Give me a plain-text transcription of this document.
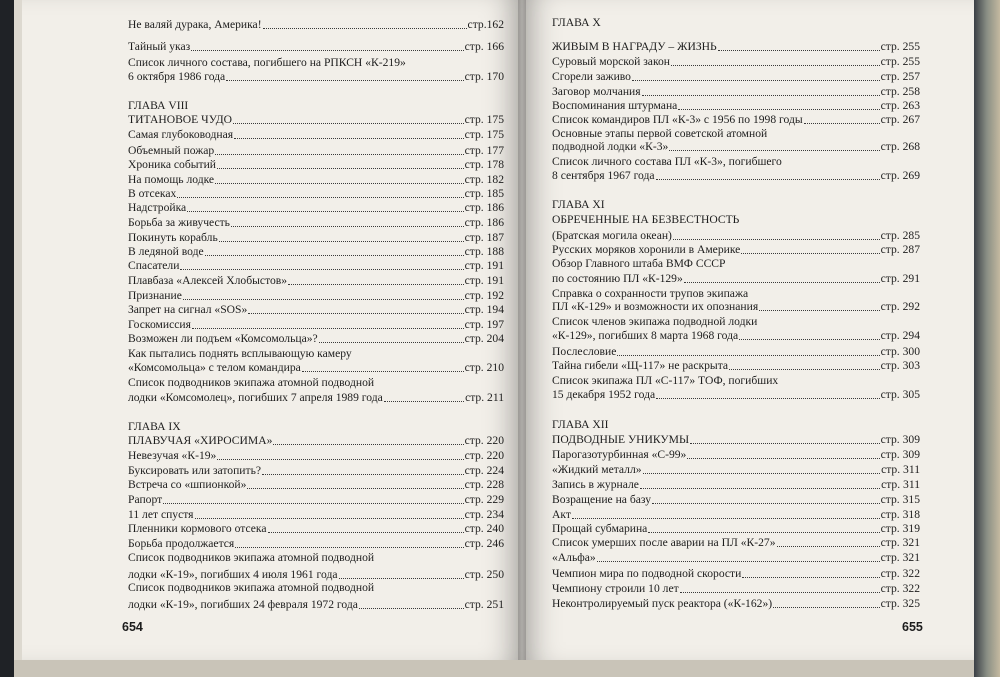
Не валяй дурака, Америка!	стр.162
Тайный указ	стр. 166
Список личного состава, погибшего на РПКСН «К-219»
6 октября 1986 года	стр. 170
ГЛАВА VIII
ТИТАНОВОЕ ЧУДО	стр. 175
Самая глубоководная	стр. 175
Объемный пожар	стр. 177
Хроника событий	стр. 178
На помощь лодке	стр. 182
В отсеках	стр. 185
Надстройка	стр. 186
Борьба за живучесть	стр. 186
Покинуть корабль	стр. 187
В ледяной воде	стр. 188
Спасатели	стр. 191
Плавбаза «Алексей Хлобыстов»	стр. 191
Признание	стр. 192
Запрет на сигнал «SOS»	стр. 194
Госкомиссия	стр. 197
Возможен ли подъем «Комсомольца»?	стр. 204
Как пытались поднять всплывающую камеру
«Комсомольца» с телом командира	стр. 210
Список подводников экипажа атомной подводной
лодки «Комсомолец», погибших 7 апреля 1989 года	стр. 211
ГЛАВА IX
ПЛАВУЧАЯ «ХИРОСИМА»	стр. 220
Невезучая «К-19»	стр. 220
Буксировать или затопить?	стр. 224
Встреча со «шпионкой»	стр. 228
Рапорт	стр. 229
11 лет спустя	стр. 234
Пленники кормового отсека	стр. 240
Борьба продолжается	стр. 246
Список подводников экипажа атомной подводной
лодки «К-19», погибших 4 июля 1961 года	стр. 250
Список подводников экипажа атомной подводной
лодки «К-19», погибших 24 февраля 1972 года	стр. 251
654
ГЛАВА X
ЖИВЫМ В НАГРАДУ – ЖИЗНЬ	стр. 255
Суровый морской закон	стр. 255
Сгорели заживо	стр. 257
Заговор молчания	стр. 258
Воспоминания штурмана	стр. 263
Список командиров ПЛ «К-3» с 1956 по 1998 годы	стр. 267
Основные этапы первой советской атомной
подводной лодки «К-3»	стр. 268
Список личного состава ПЛ «К-3», погибшего
8 сентября 1967 года	стр. 269
ГЛАВА XI
ОБРЕЧЕННЫЕ НА БЕЗВЕСТНОСТЬ
(Братская могила океан)	стр. 285
Русских моряков хоронили в Америке	стр. 287
Обзор Главного штаба ВМФ СССР
по состоянию ПЛ «К-129»	стр. 291
Справка о сохранности трупов экипажа
ПЛ «К-129» и возможности их опознания	стр. 292
Список членов экипажа подводной лодки
«К-129», погибших 8 марта 1968 года	стр. 294
Послесловие	стр. 300
Тайна гибели «Щ-117» не раскрыта	стр. 303
Список экипажа ПЛ «С-117» ТОФ, погибших
15 декабря 1952 года	стр. 305
ГЛАВА XII
ПОДВОДНЫЕ УНИКУМЫ	стр. 309
Парогазотурбинная «С-99»	стр. 309
«Жидкий металл»	стр. 311
Запись в журнале	стр. 311
Возращение на базу	стр. 315
Акт	стр. 318
Прощай субмарина	стр. 319
Список умерших после аварии на ПЛ «К-27»	стр. 321
«Альфа»	стр. 321
Чемпион мира по подводной скорости	стр. 322
Чемпиону строили 10 лет	стр. 322
Неконтролируемый пуск реактора («К-162»)	стр. 325
655
